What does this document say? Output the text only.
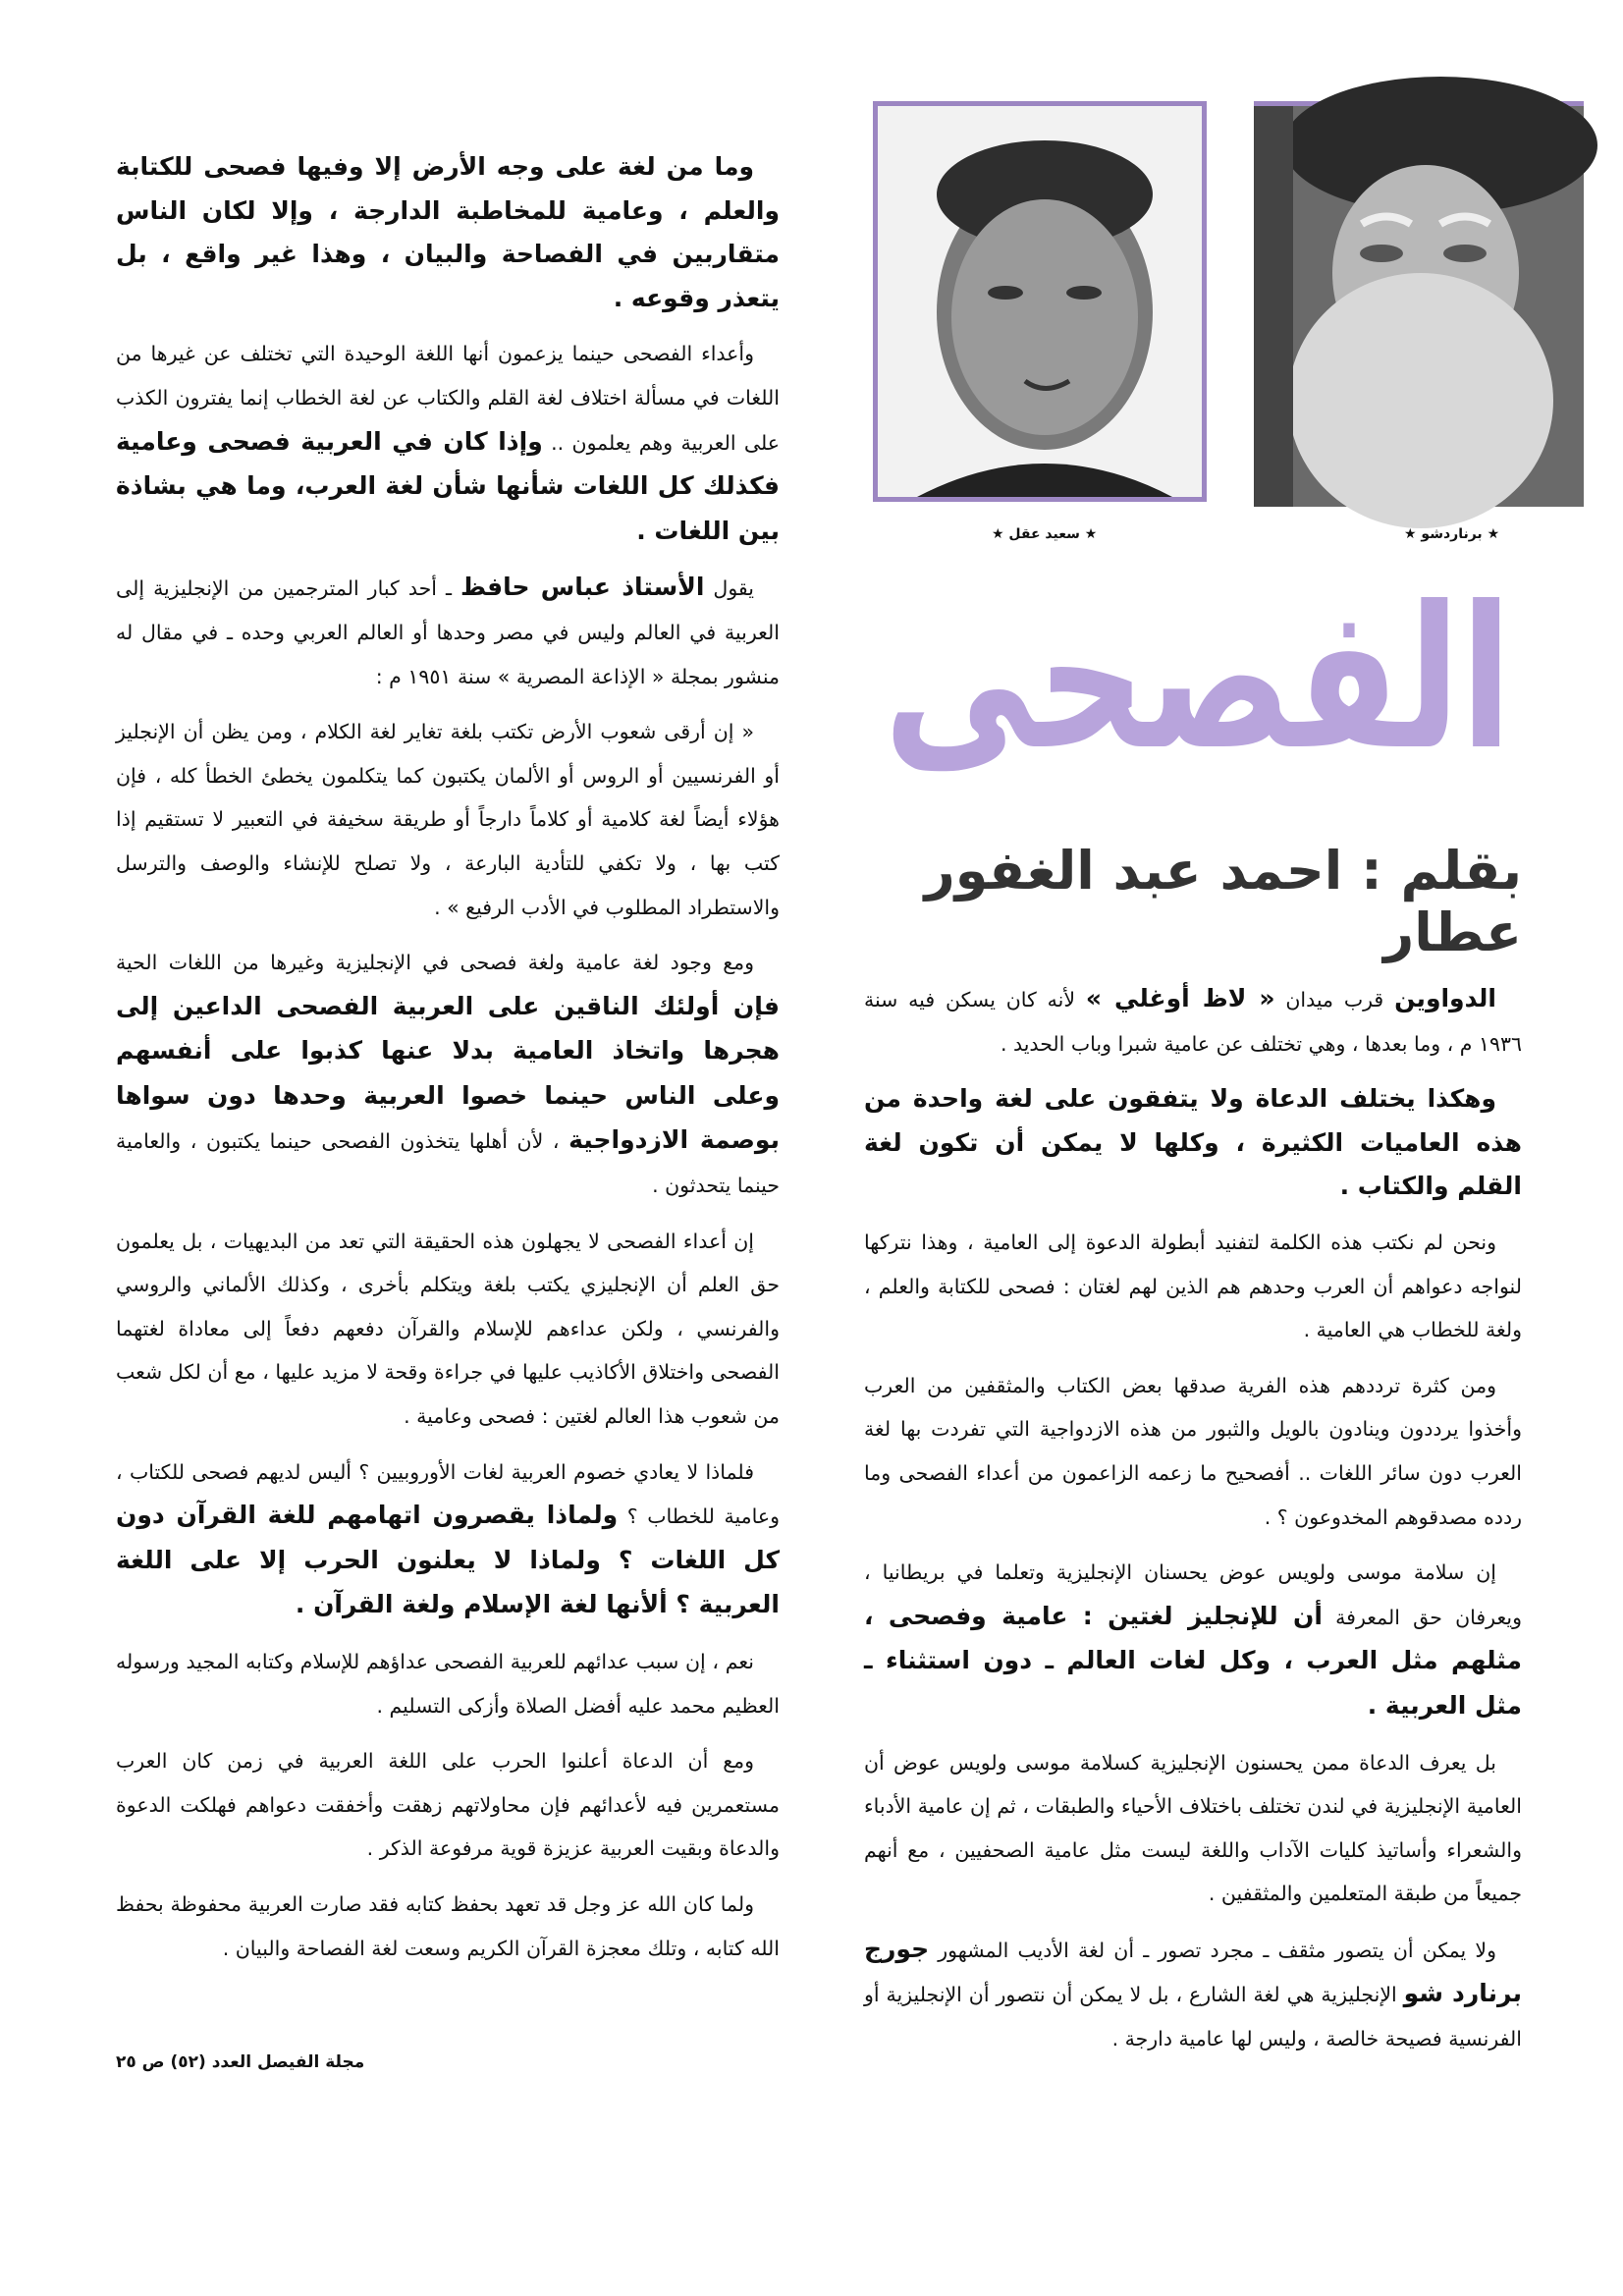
★ برناردشو ★
★ سعيد عقل ★
الفصحى
بقلم : احمد عبد الغفور عطار

وما من لغة على وجه الأرض إلا وفيها فصحى للكتابة والعلم ، وعامية للمخاطبة الدارجة ، وإلا لكان الناس متقاربين في الفصاحة والبيان ، وهذا غير واقع ، بل يتعذر وقوعه .

وأعداء الفصحى حينما يزعمون أنها اللغة الوحيدة التي تختلف عن غيرها من اللغات في مسألة اختلاف لغة القلم والكتاب عن لغة الخطاب إنما يفترون الكذب على العربية وهم يعلمون .. وإذا كان في العربية فصحى وعامية فكذلك كل اللغات شأنها شأن لغة العرب، وما هي بشاذة بين اللغات .

يقول الأستاذ عباس حافظ ـ أحد كبار المترجمين من الإنجليزية إلى العربية في العالم وليس في مصر وحدها أو العالم العربي وحده ـ في مقال له منشور بمجلة « الإذاعة المصرية » سنة ١٩٥١ م :

« إن أرقى شعوب الأرض تكتب بلغة تغاير لغة الكلام ، ومن يظن أن الإنجليز أو الفرنسيين أو الروس أو الألمان يكتبون كما يتكلمون يخطئ الخطأ كله ، فإن هؤلاء أيضاً لغة كلامية أو كلاماً دارجاً أو طريقة سخيفة في التعبير لا تستقيم إذا كتب بها ، ولا تكفي للتأدية البارعة ، ولا تصلح للإنشاء والوصف والترسل والاستطراد المطلوب في الأدب الرفيع » .

ومع وجود لغة عامية ولغة فصحى في الإنجليزية وغيرها من اللغات الحية فإن أولئك الناقين على العربية الفصحى الداعين إلى هجرها واتخاذ العامية بدلا عنها كذبوا على أنفسهم وعلى الناس حينما خصوا العربية وحدها دون سواها بوصمة الازدواجية ، لأن أهلها يتخذون الفصحى حينما يكتبون ، والعامية حينما يتحدثون .

إن أعداء الفصحى لا يجهلون هذه الحقيقة التي تعد من البديهيات ، بل يعلمون حق العلم أن الإنجليزي يكتب بلغة ويتكلم بأخرى ، وكذلك الألماني والروسي والفرنسي ، ولكن عداءهم للإسلام والقرآن دفعهم دفعاً إلى معاداة لغتهما الفصحى واختلاق الأكاذيب عليها في جراءة وقحة لا مزيد عليها ، مع أن لكل شعب من شعوب هذا العالم لغتين : فصحى وعامية .

فلماذا لا يعادي خصوم العربية لغات الأوروبيين ؟ أليس لديهم فصحى للكتاب ، وعامية للخطاب ؟ ولماذا يقصرون اتهامهم للغة القرآن دون كل اللغات ؟ ولماذا لا يعلنون الحرب إلا على اللغة العربية ؟ ألأنها لغة الإسلام ولغة القرآن .

نعم ، إن سبب عدائهم للعربية الفصحى عداؤهم للإسلام وكتابه المجيد ورسوله العظيم محمد عليه أفضل الصلاة وأزكى التسليم .

ومع أن الدعاة أعلنوا الحرب على اللغة العربية في زمن كان العرب مستعمرين فيه لأعدائهم فإن محاولاتهم زهقت وأخفقت دعواهم فهلكت الدعوة والدعاة وبقيت العربية عزيزة قوية مرفوعة الذكر .

ولما كان الله عز وجل قد تعهد بحفظ كتابه فقد صارت العربية محفوظة بحفظ الله كتابه ، وتلك معجزة القرآن الكريم وسعت لغة الفصاحة والبيان .

الدواوين قرب ميدان « لاظ أوغلي » لأنه كان يسكن فيه سنة ١٩٣٦ م ، وما بعدها ، وهي تختلف عن عامية شبرا وباب الحديد .

وهكذا يختلف الدعاة ولا يتفقون على لغة واحدة من هذه العاميات الكثيرة ، وكلها لا يمكن أن تكون لغة القلم والكتاب .

ونحن لم نكتب هذه الكلمة لتفنيد أبطولة الدعوة إلى العامية ، وهذا نتركها لنواجه دعواهم أن العرب وحدهم هم الذين لهم لغتان : فصحى للكتابة والعلم ، ولغة للخطاب هي العامية .

ومن كثرة ترددهم هذه الفرية صدقها بعض الكتاب والمثقفين من العرب وأخذوا يرددون وينادون بالويل والثبور من هذه الازدواجية التي تفردت بها لغة العرب دون سائر اللغات .. أفصحيح ما زعمه الزاعمون من أعداء الفصحى وما ردده مصدقوهم المخدوعون ؟ .

إن سلامة موسى ولويس عوض يحسنان الإنجليزية وتعلما في بريطانيا ، ويعرفان حق المعرفة أن للإنجليز لغتين : عامية وفصحى ، مثلهم مثل العرب ، وكل لغات العالم ـ دون استثناء ـ مثل العربية .

بل يعرف الدعاة ممن يحسنون الإنجليزية كسلامة موسى ولويس عوض أن العامية الإنجليزية في لندن تختلف باختلاف الأحياء والطبقات ، ثم إن عامية الأدباء والشعراء وأساتيذ كليات الآداب واللغة ليست مثل عامية الصحفيين ، مع أنهم جميعاً من طبقة المتعلمين والمثقفين .

ولا يمكن أن يتصور مثقف ـ مجرد تصور ـ أن لغة الأديب المشهور جورج برنارد شو الإنجليزية هي لغة الشارع ، بل لا يمكن أن نتصور أن الإنجليزية أو الفرنسية فصيحة خالصة ، وليس لها عامية دارجة .

مجلة الفيصل العدد (٥٢) ص ٢٥
